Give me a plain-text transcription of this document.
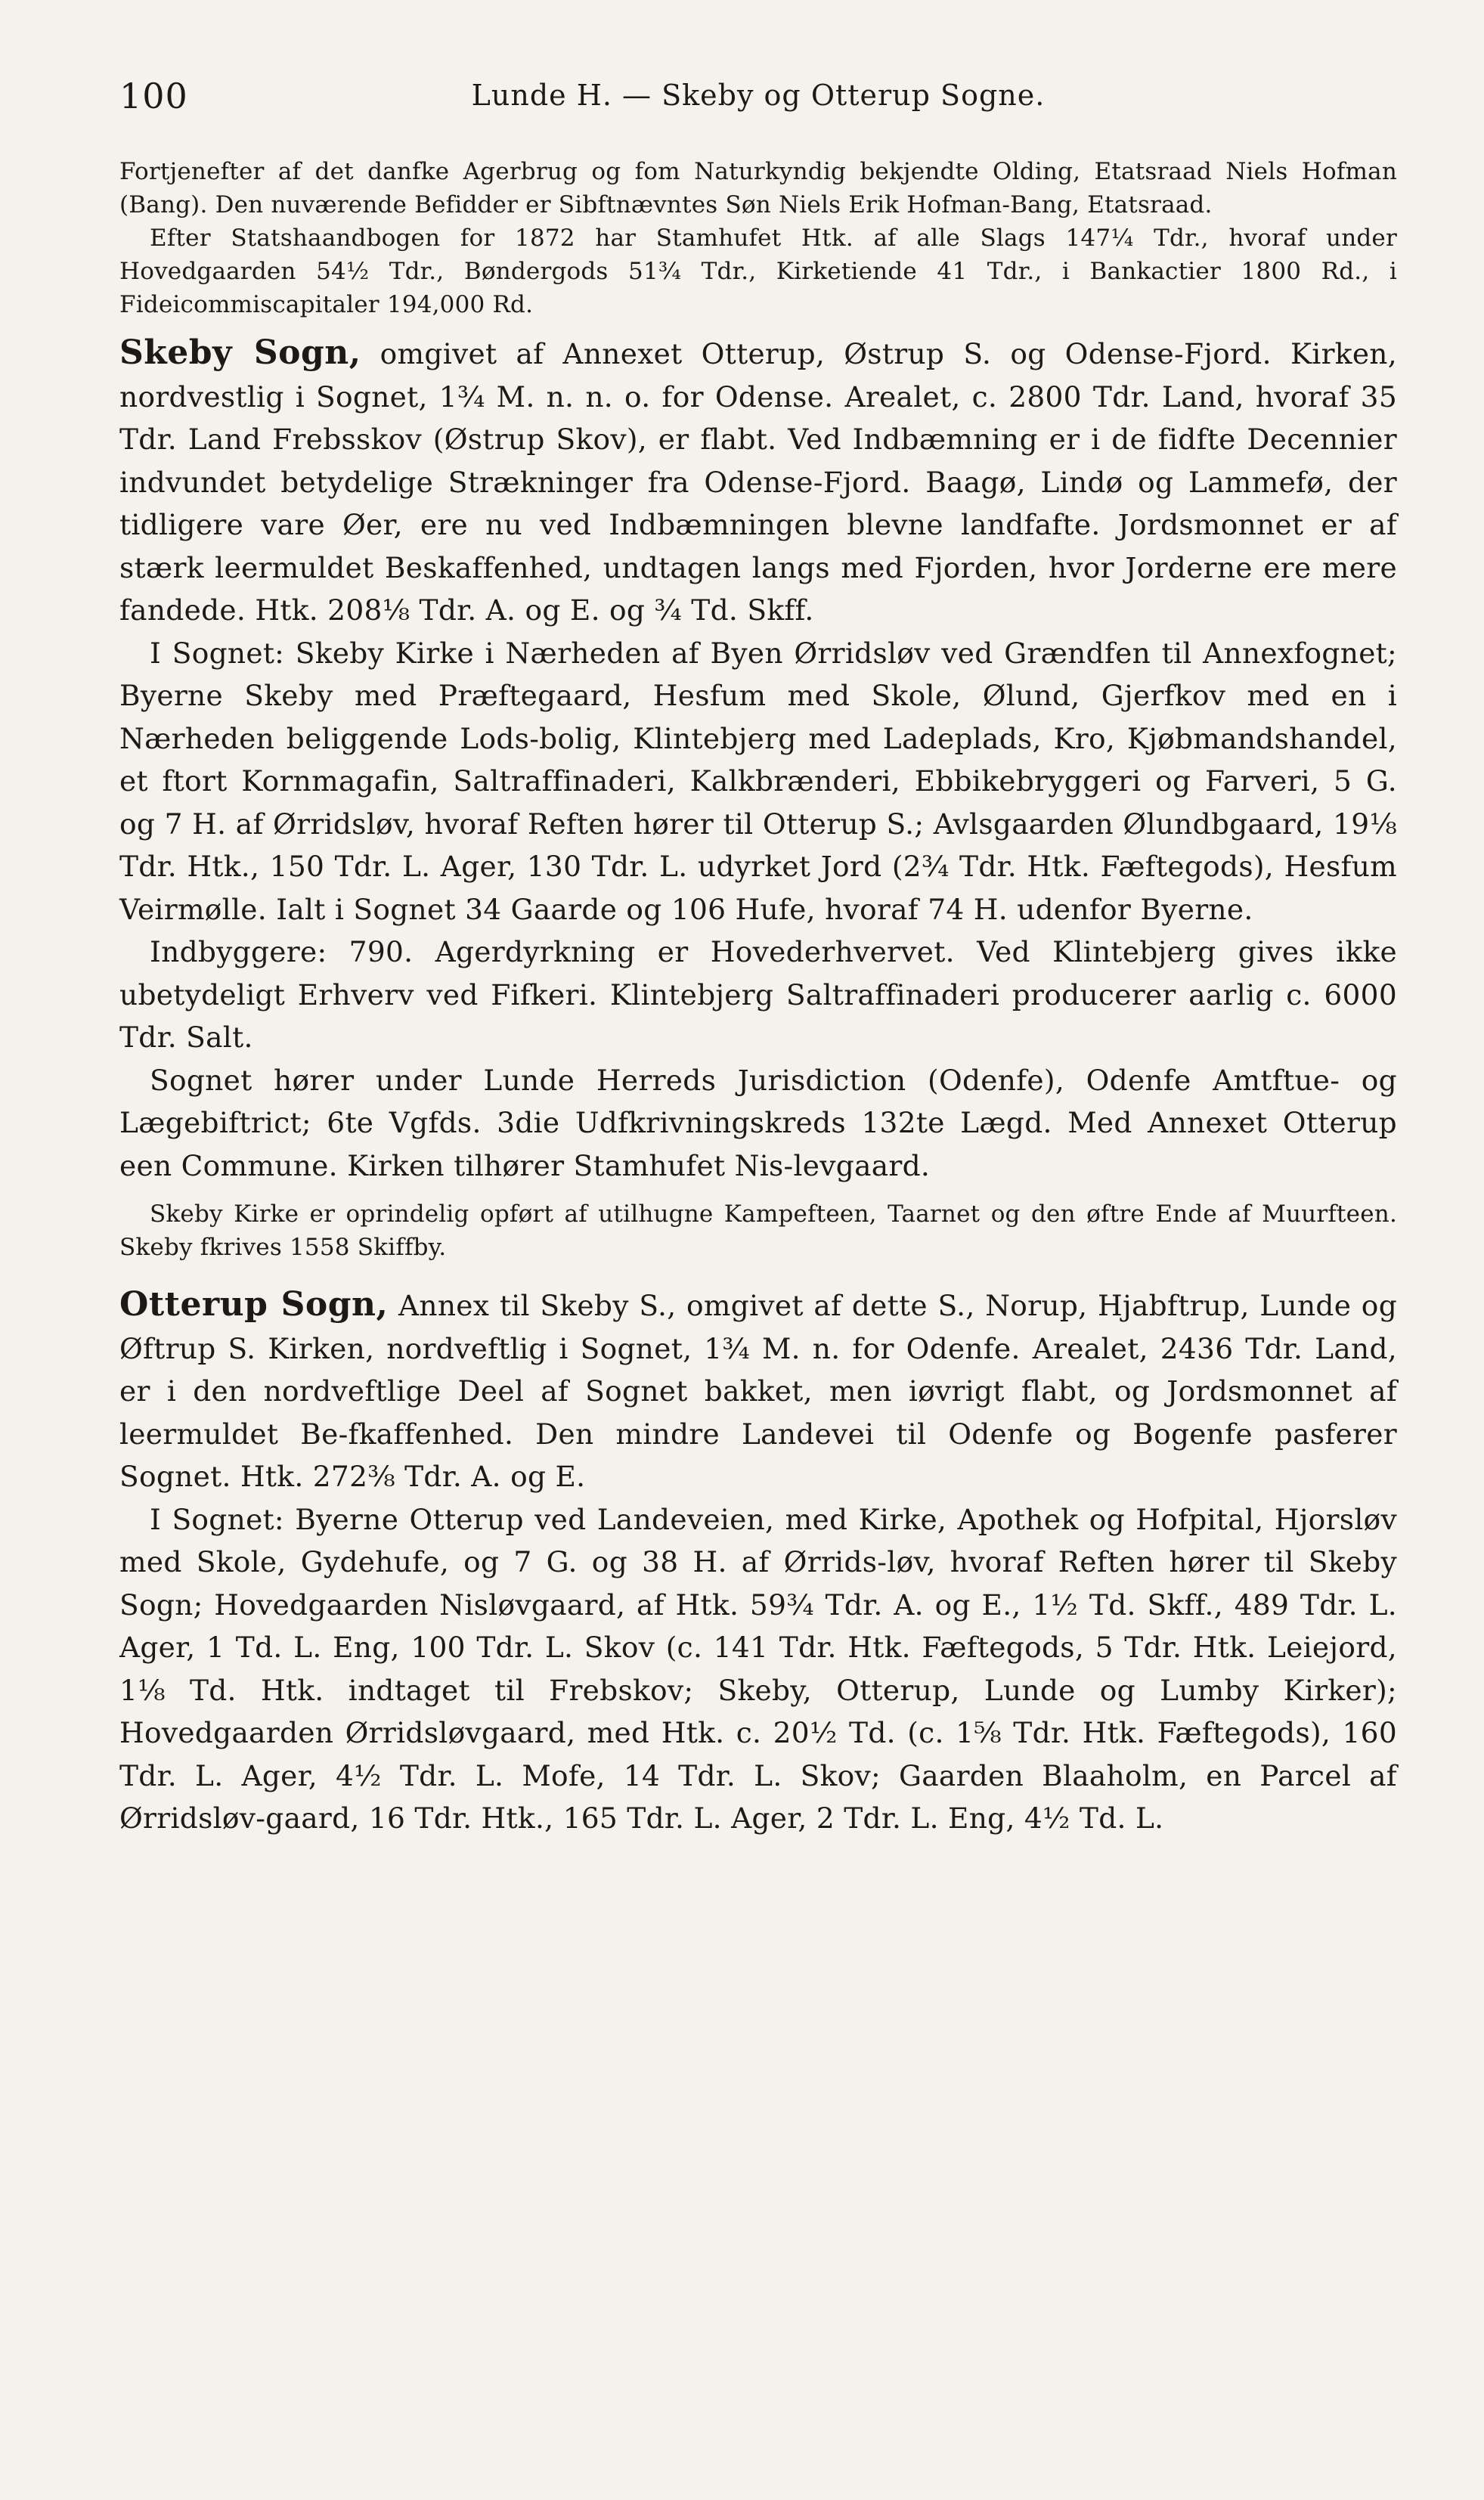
100	Lunde H. — Skeby og Otterup Sogne.

Fortjenefter af det danfke Agerbrug og fom Naturkyndig bekjendte Olding, Etatsraad Niels Hofman (Bang). Den nuværende Befidder er Sibftnævntes Søn Niels Erik Hofman-Bang, Etatsraad.

Efter Statshaandbogen for 1872 har Stamhufet Htk. af alle Slags 147¼ Tdr., hvoraf under Hovedgaarden 54½ Tdr., Bøndergods 51¾ Tdr., Kirketiende 41 Tdr., i Bankactier 1800 Rd., i Fideicommiscapitaler 194,000 Rd.

Skeby Sogn, omgivet af Annexet Otterup, Østrup S. og Odense-Fjord. Kirken, nordvestlig i Sognet, 1¾ M. n. n. o. for Odense. Arealet, c. 2800 Tdr. Land, hvoraf 35 Tdr. Land Frebsskov (Østrup Skov), er flabt. Ved Indbæmning er i de fidfte Decennier indvundet betydelige Strækninger fra Odense-Fjord. Baagø, Lindø og Lammefø, der tidligere vare Øer, ere nu ved Indbæmningen blevne landfafte. Jordsmonnet er af stærk leermuldet Beskaffenhed, undtagen langs med Fjorden, hvor Jorderne ere mere fandede. Htk. 208⅛ Tdr. A. og E. og ¾ Td. Skff.

I Sognet: Skeby Kirke i Nærheden af Byen Ørridsløv ved Grændfen til Annexfognet; Byerne Skeby med Præftegaard, Hesfum med Skole, Ølund, Gjerfkov med en i Nærheden beliggende Lods-bolig, Klintebjerg med Ladeplads, Kro, Kjøbmandshandel, et ftort Kornmagafin, Saltraffinaderi, Kalkbrænderi, Ebbikebryggeri og Farveri, 5 G. og 7 H. af Ørridsløv, hvoraf Reften hører til Otterup S.; Avlsgaarden Ølundbgaard, 19⅛ Tdr. Htk., 150 Tdr. L. Ager, 130 Tdr. L. udyrket Jord (2¾ Tdr. Htk. Fæftegods), Hesfum Veirmølle. Ialt i Sognet 34 Gaarde og 106 Hufe, hvoraf 74 H. udenfor Byerne.

Indbyggere: 790. Agerdyrkning er Hovederhvervet. Ved Klintebjerg gives ikke ubetydeligt Erhverv ved Fifkeri. Klintebjerg Saltraffinaderi producerer aarlig c. 6000 Tdr. Salt.

Sognet hører under Lunde Herreds Jurisdiction (Odenfe), Odenfe Amtftue- og Lægebiftrict; 6te Vgfds. 3die Udfkrivningskreds 132te Lægd. Med Annexet Otterup een Commune. Kirken tilhører Stamhufet Nis-levgaard.

Skeby Kirke er oprindelig opført af utilhugne Kampefteen, Taarnet og den øftre Ende af Muurfteen. Skeby fkrives 1558 Skiffby.

Otterup Sogn, Annex til Skeby S., omgivet af dette S., Norup, Hjabftrup, Lunde og Øftrup S. Kirken, nordveftlig i Sognet, 1¾ M. n. for Odenfe. Arealet, 2436 Tdr. Land, er i den nordveftlige Deel af Sognet bakket, men iøvrigt flabt, og Jordsmonnet af leermuldet Be-fkaffenhed. Den mindre Landevei til Odenfe og Bogenfe pasferer Sognet. Htk. 272⅜ Tdr. A. og E.

I Sognet: Byerne Otterup ved Landeveien, med Kirke, Apothek og Hofpital, Hjorsløv med Skole, Gydehufe, og 7 G. og 38 H. af Ørrids-løv, hvoraf Reften hører til Skeby Sogn; Hovedgaarden Nisløvgaard, af Htk. 59¾ Tdr. A. og E., 1½ Td. Skff., 489 Tdr. L. Ager, 1 Td. L. Eng, 100 Tdr. L. Skov (c. 141 Tdr. Htk. Fæftegods, 5 Tdr. Htk. Leiejord, 1⅛ Td. Htk. indtaget til Frebskov; Skeby, Otterup, Lunde og Lumby Kirker); Hovedgaarden Ørridsløvgaard, med Htk. c. 20½ Td. (c. 1⅝ Tdr. Htk. Fæftegods), 160 Tdr. L. Ager, 4½ Tdr. L. Mofe, 14 Tdr. L. Skov; Gaarden Blaaholm, en Parcel af Ørridsløv-gaard, 16 Tdr. Htk., 165 Tdr. L. Ager, 2 Tdr. L. Eng, 4½ Td. L.
